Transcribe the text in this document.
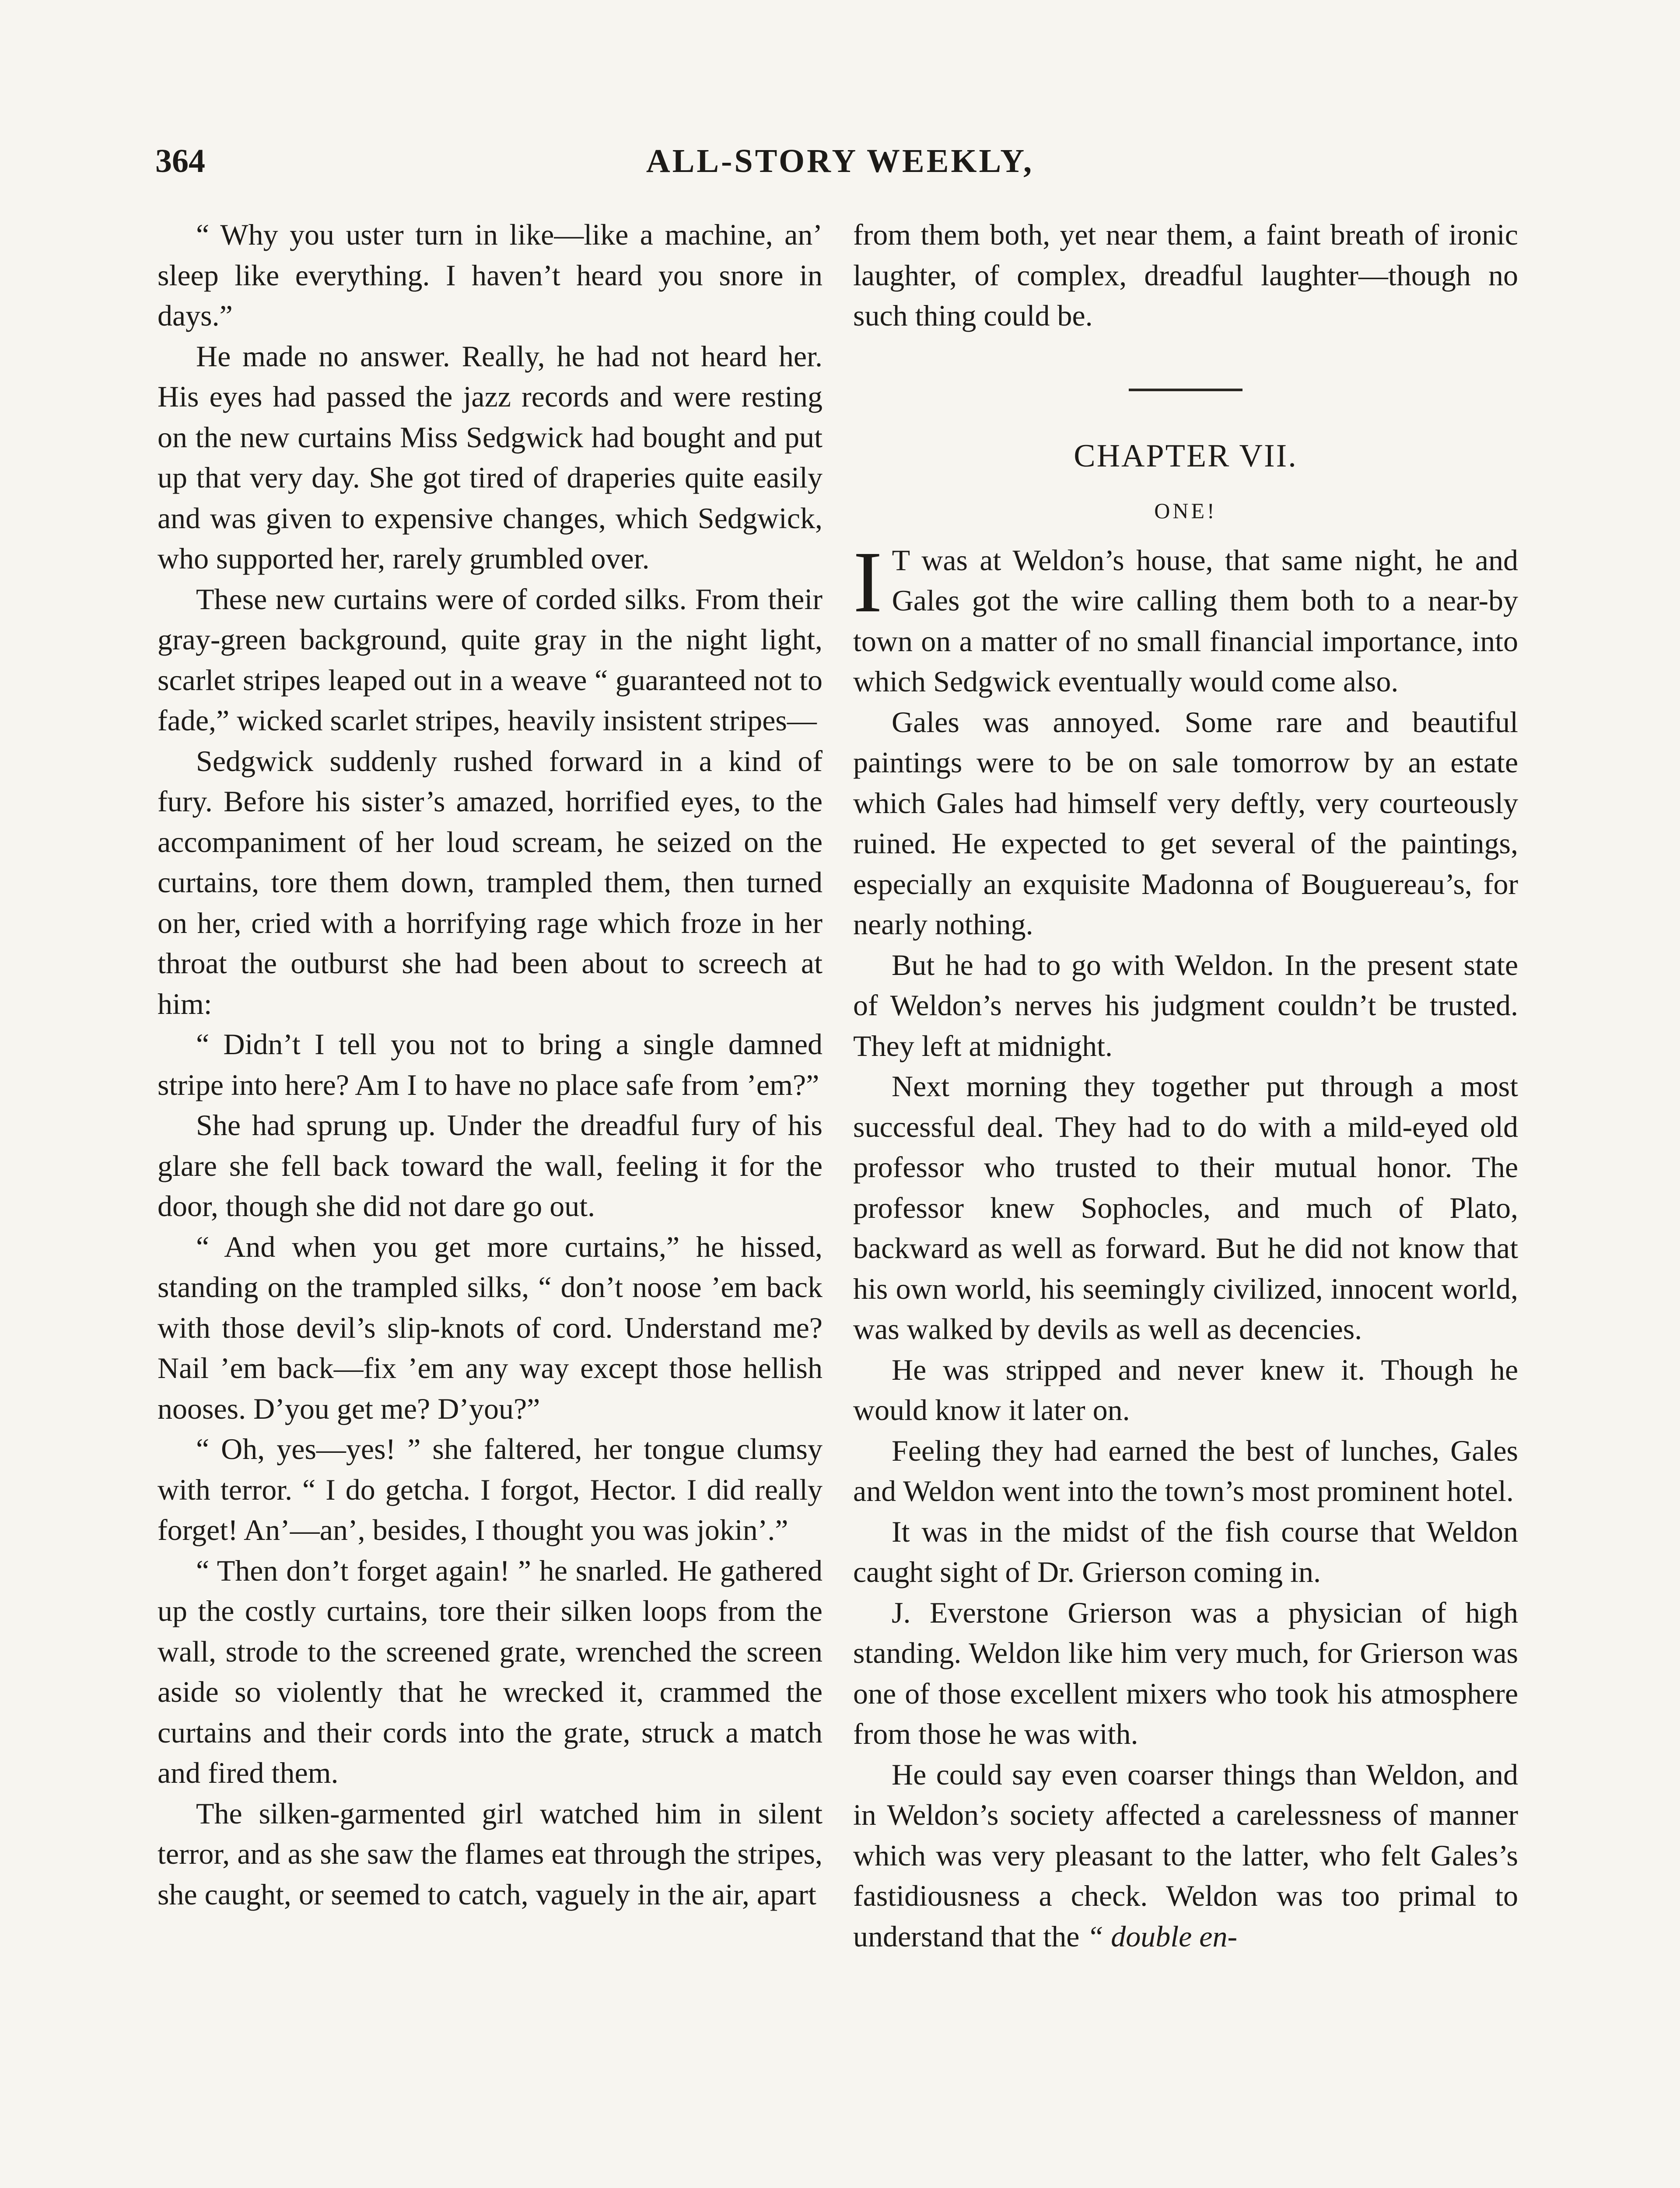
364	ALL-STORY WEEKLY,

“ Why you uster turn in like—like a machine, an’ sleep like everything. I haven’t heard you snore in days.”

He made no answer. Really, he had not heard her. His eyes had passed the jazz records and were resting on the new curtains Miss Sedgwick had bought and put up that very day. She got tired of draperies quite easily and was given to expensive changes, which Sedgwick, who supported her, rarely grumbled over.

These new curtains were of corded silks. From their gray-green background, quite gray in the night light, scarlet stripes leaped out in a weave “ guaranteed not to fade,” wicked scarlet stripes, heavily insistent stripes—

Sedgwick suddenly rushed forward in a kind of fury. Before his sister’s amazed, horrified eyes, to the accompaniment of her loud scream, he seized on the curtains, tore them down, trampled them, then turned on her, cried with a horrifying rage which froze in her throat the outburst she had been about to screech at him:

“ Didn’t I tell you not to bring a single damned stripe into here? Am I to have no place safe from ’em?”

She had sprung up. Under the dreadful fury of his glare she fell back toward the wall, feeling it for the door, though she did not dare go out.

“ And when you get more curtains,” he hissed, standing on the trampled silks, “ don’t noose ’em back with those devil’s slip-knots of cord. Understand me? Nail ’em back—fix ’em any way except those hellish nooses. D’you get me? D’you?”

“ Oh, yes—yes! ” she faltered, her tongue clumsy with terror. “ I do getcha. I forgot, Hector. I did really forget! An’—an’, besides, I thought you was jokin’.”

“ Then don’t forget again! ” he snarled. He gathered up the costly curtains, tore their silken loops from the wall, strode to the screened grate, wrenched the screen aside so violently that he wrecked it, crammed the curtains and their cords into the grate, struck a match and fired them.

The silken-garmented girl watched him in silent terror, and as she saw the flames eat through the stripes, she caught, or seemed to catch, vaguely in the air, apart

from them both, yet near them, a faint breath of ironic laughter, of complex, dreadful laughter—though no such thing could be.

CHAPTER VII.

ONE!

I T was at Weldon’s house, that same night, he and Gales got the wire calling them both to a near-by town on a matter of no small financial importance, into which Sedgwick eventually would come also.

Gales was annoyed. Some rare and beautiful paintings were to be on sale tomorrow by an estate which Gales had himself very deftly, very courteously ruined. He expected to get several of the paintings, especially an exquisite Madonna of Bouguereau’s, for nearly nothing.

But he had to go with Weldon. In the present state of Weldon’s nerves his judgment couldn’t be trusted. They left at midnight.

Next morning they together put through a most successful deal. They had to do with a mild-eyed old professor who trusted to their mutual honor. The professor knew Sophocles, and much of Plato, backward as well as forward. But he did not know that his own world, his seemingly civilized, innocent world, was walked by devils as well as decencies.

He was stripped and never knew it. Though he would know it later on.

Feeling they had earned the best of lunches, Gales and Weldon went into the town’s most prominent hotel.

It was in the midst of the fish course that Weldon caught sight of Dr. Grierson coming in.

J. Everstone Grierson was a physician of high standing. Weldon like him very much, for Grierson was one of those excellent mixers who took his atmosphere from those he was with.

He could say even coarser things than Weldon, and in Weldon’s society affected a carelessness of manner which was very pleasant to the latter, who felt Gales’s fastidiousness a check. Weldon was too primal to understand that the “ double en-
